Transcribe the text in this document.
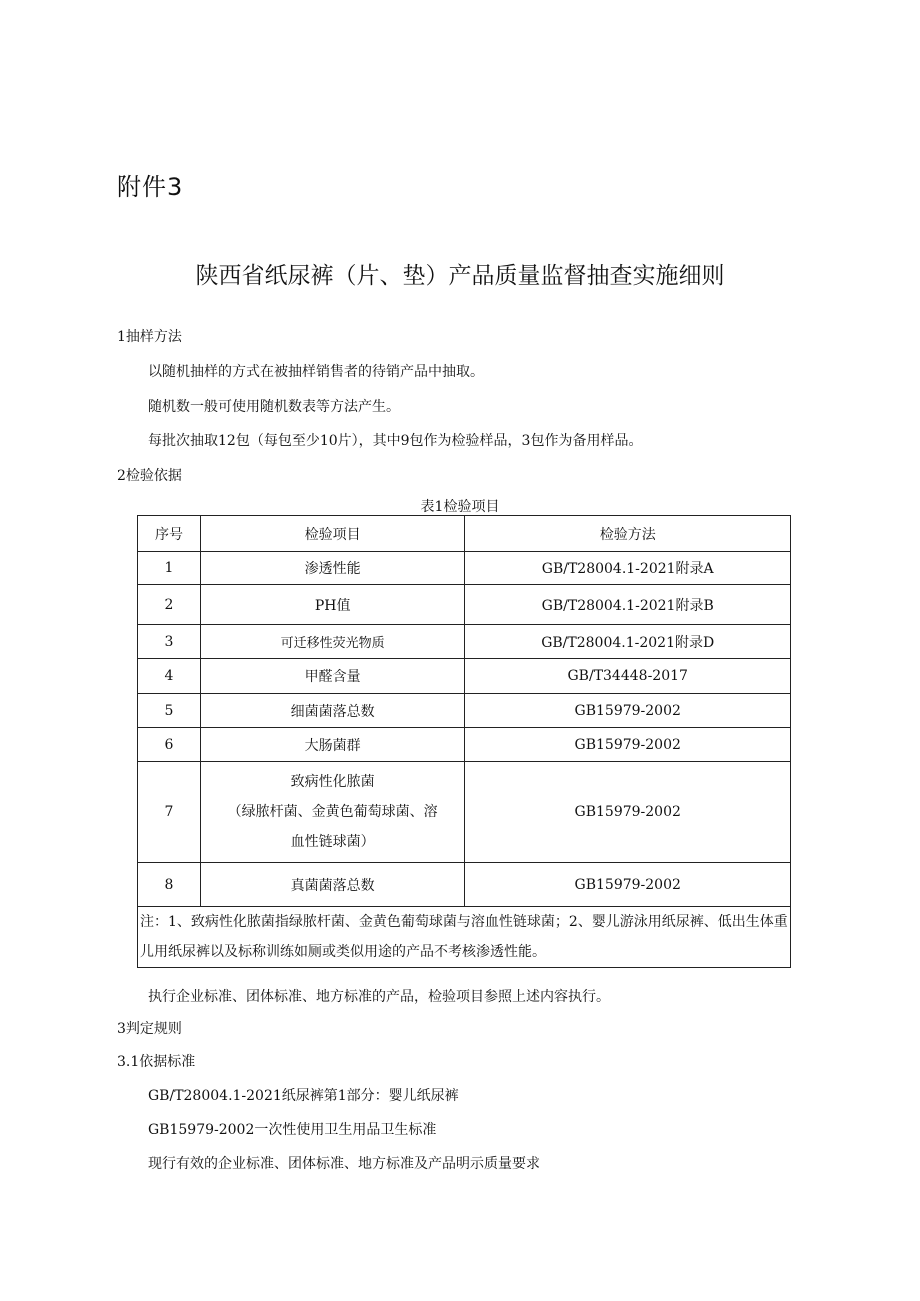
附件3
陕西省纸尿裤（片、垫）产品质量监督抽查实施细则
1抽样方法
以随机抽样的方式在被抽样销售者的待销产品中抽取。
随机数一般可使用随机数表等方法产生。
每批次抽取12包（每包至少10片），其中9包作为检验样品，3包作为备用样品。
2检验依据
表1检验项目
序号	检验项目	检验方法
1	渗透性能	GB/T28004.1-2021附录A
2	PH值	GB/T28004.1-2021附录B
3	可迁移性荧光物质	GB/T28004.1-2021附录D
4	甲醛含量	GB/T34448-2017
5	细菌菌落总数	GB15979-2002
6	大肠菌群	GB15979-2002
7	致病性化脓菌
（绿脓杆菌、金黄色葡萄球菌、溶
血性链球菌）	GB15979-2002
8	真菌菌落总数	GB15979-2002
注：1、致病性化脓菌指绿脓杆菌、金黄色葡萄球菌与溶血性链球菌；2、婴儿游泳用纸尿裤、低出生体重儿用纸尿裤以及标称训练如厕或类似用途的产品不考核渗透性能。		
执行企业标准、团体标准、地方标准的产品，检验项目参照上述内容执行。
3判定规则
3.1依据标准
GB/T28004.1-2021纸尿裤第1部分：婴儿纸尿裤
GB15979-2002一次性使用卫生用品卫生标准
现行有效的企业标准、团体标准、地方标准及产品明示质量要求
